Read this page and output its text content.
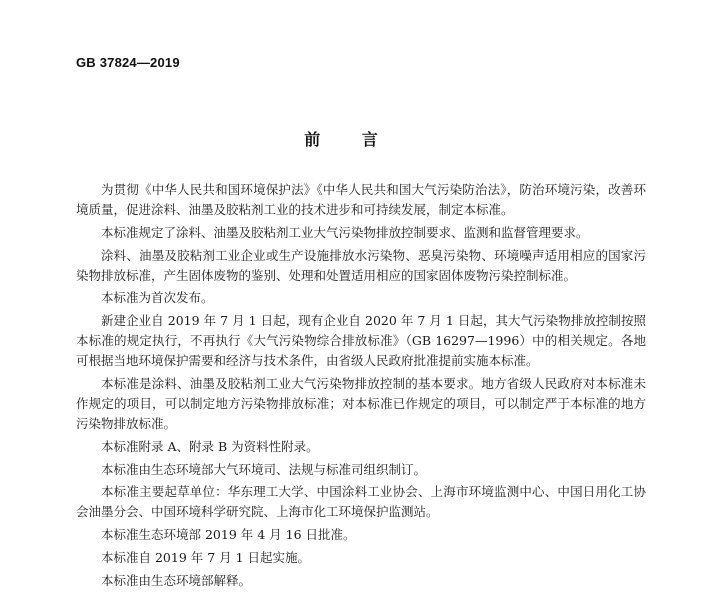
GB 37824—2019
前 言

为贯彻《中华人民共和国环境保护法》《中华人民共和国大气污染防治法》，防治环境污染，改善环境质量，促进涂料、油墨及胶粘剂工业的技术进步和可持续发展，制定本标准。

本标准规定了涂料、油墨及胶粘剂工业大气污染物排放控制要求、监测和监督管理要求。

涂料、油墨及胶粘剂工业企业或生产设施排放水污染物、恶臭污染物、环境噪声适用相应的国家污染物排放标准，产生固体废物的鉴别、处理和处置适用相应的国家固体废物污染控制标准。

本标准为首次发布。

新建企业自 2019 年 7 月 1 日起，现有企业自 2020 年 7 月 1 日起，其大气污染物排放控制按照本标准的规定执行，不再执行《大气污染物综合排放标准》（GB 16297—1996）中的相关规定。各地可根据当地环境保护需要和经济与技术条件，由省级人民政府批准提前实施本标准。

本标准是涂料、油墨及胶粘剂工业大气污染物排放控制的基本要求。地方省级人民政府对本标准未作规定的项目，可以制定地方污染物排放标准；对本标准已作规定的项目，可以制定严于本标准的地方污染物排放标准。

本标准附录 A、附录 B 为资料性附录。

本标准由生态环境部大气环境司、法规与标准司组织制订。

本标准主要起草单位：华东理工大学、中国涂料工业协会、上海市环境监测中心、中国日用化工协会油墨分会、中国环境科学研究院、上海市化工环境保护监测站。

本标准生态环境部 2019 年 4 月 16 日批准。

本标准自 2019 年 7 月 1 日起实施。

本标准由生态环境部解释。
